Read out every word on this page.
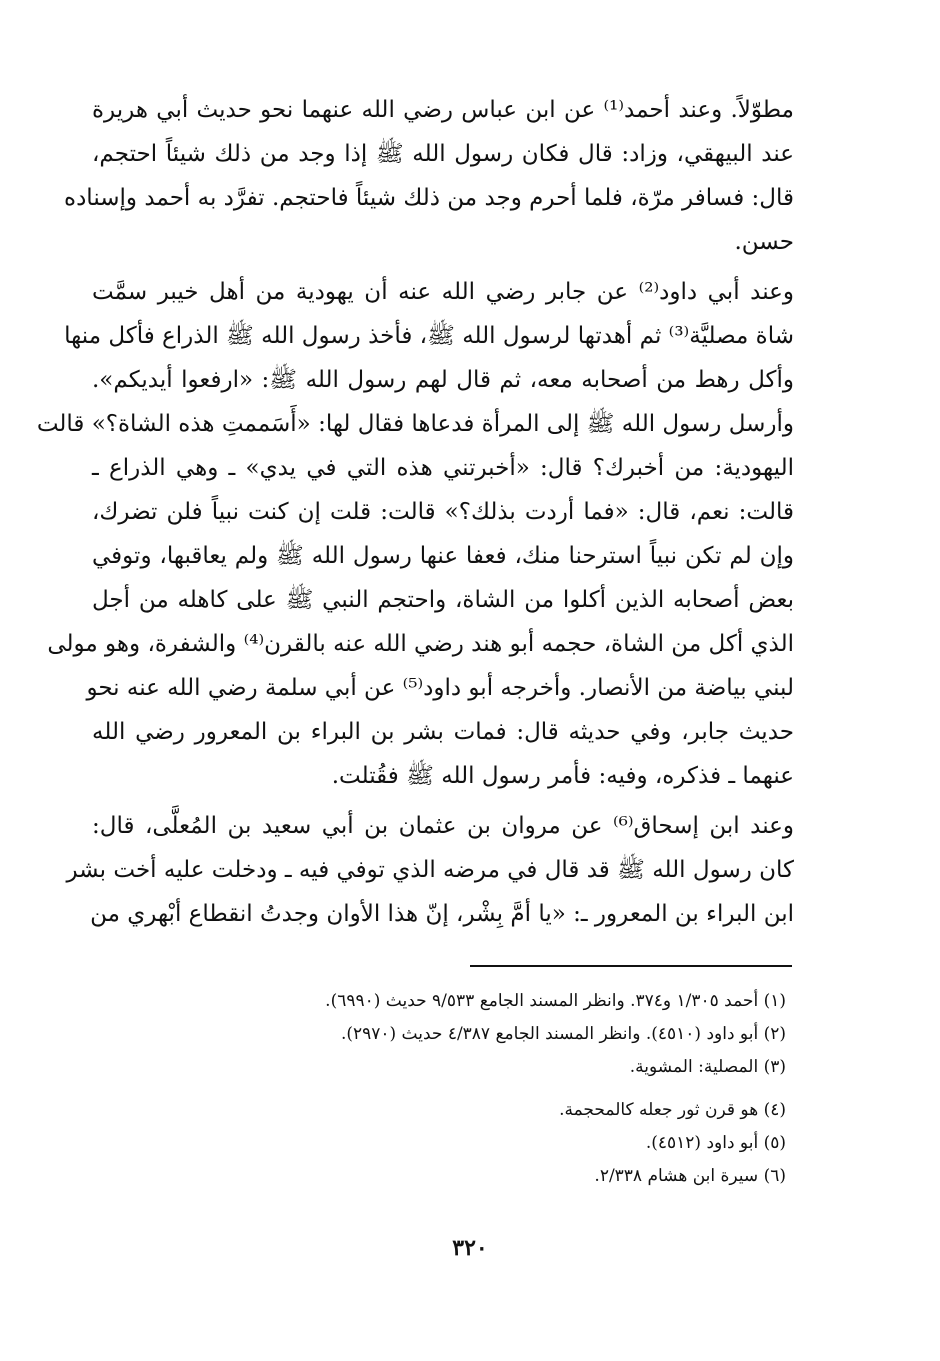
مطوّلاً. وعند أحمد⁽¹⁾ عن ابن عباس رضي الله عنهما نحو حديث أبي هريرة
عند البيهقي، وزاد: قال فكان رسول الله ﷺ إذا وجد من ذلك شيئاً احتجم،
قال: فسافر مرّة، فلما أحرم وجد من ذلك شيئاً فاحتجم. تفرَّد به أحمد وإسناده
حسن.
وعند أبي داود⁽²⁾ عن جابر رضي الله عنه أن يهودية من أهل خيبر سمَّت
شاة مصليَّة⁽³⁾ ثم أهدتها لرسول الله ﷺ، فأخذ رسول الله ﷺ الذراع فأكل منها
وأكل رهط من أصحابه معه، ثم قال لهم رسول الله ﷺ: «ارفعوا أيديكم».
وأرسل رسول الله ﷺ إلى المرأة فدعاها فقال لها: «أَسَممتِ هذه الشاة؟» قالت
اليهودية: من أخبرك؟ قال: «أخبرتني هذه التي في يدي» ـ وهي الذراع ـ
قالت: نعم، قال: «فما أردت بذلك؟» قالت: قلت إن كنت نبياً فلن تضرك،
وإن لم تكن نبياً استرحنا منك، فعفا عنها رسول الله ﷺ ولم يعاقبها، وتوفي
بعض أصحابه الذين أكلوا من الشاة، واحتجم النبي ﷺ على كاهله من أجل
الذي أكل من الشاة، حجمه أبو هند رضي الله عنه بالقرن⁽⁴⁾ والشفرة، وهو مولى
لبني بياضة من الأنصار. وأخرجه أبو داود⁽⁵⁾ عن أبي سلمة رضي الله عنه نحو
حديث جابر، وفي حديثه قال: فمات بشر بن البراء بن المعرور رضي الله
عنهما ـ فذكره، وفيه: فأمر رسول الله ﷺ فقُتلت.
وعند ابن إسحاق⁽⁶⁾ عن مروان بن عثمان بن أبي سعيد بن المُعلَّى، قال:
كان رسول الله ﷺ قد قال في مرضه الذي توفي فيه ـ ودخلت عليه أخت بشر
ابن البراء بن المعرور ـ: «يا أمَّ بِشْر، إنّ هذا الأوان وجدتُ انقطاع أبْهري من
(١) أحمد ١/٣٠٥ و٣٧٤. وانظر المسند الجامع ٩/٥٣٣ حديث (٦٩٩٠).
(٢) أبو داود (٤٥١٠). وانظر المسند الجامع ٤/٣٨٧ حديث (٢٩٧٠).
(٣) المصلية: المشوية.
(٤) هو قرن ثور جعله كالمحجمة.
(٥) أبو داود (٤٥١٢).
(٦) سيرة ابن هشام ٢/٣٣٨.
٣٢٠
